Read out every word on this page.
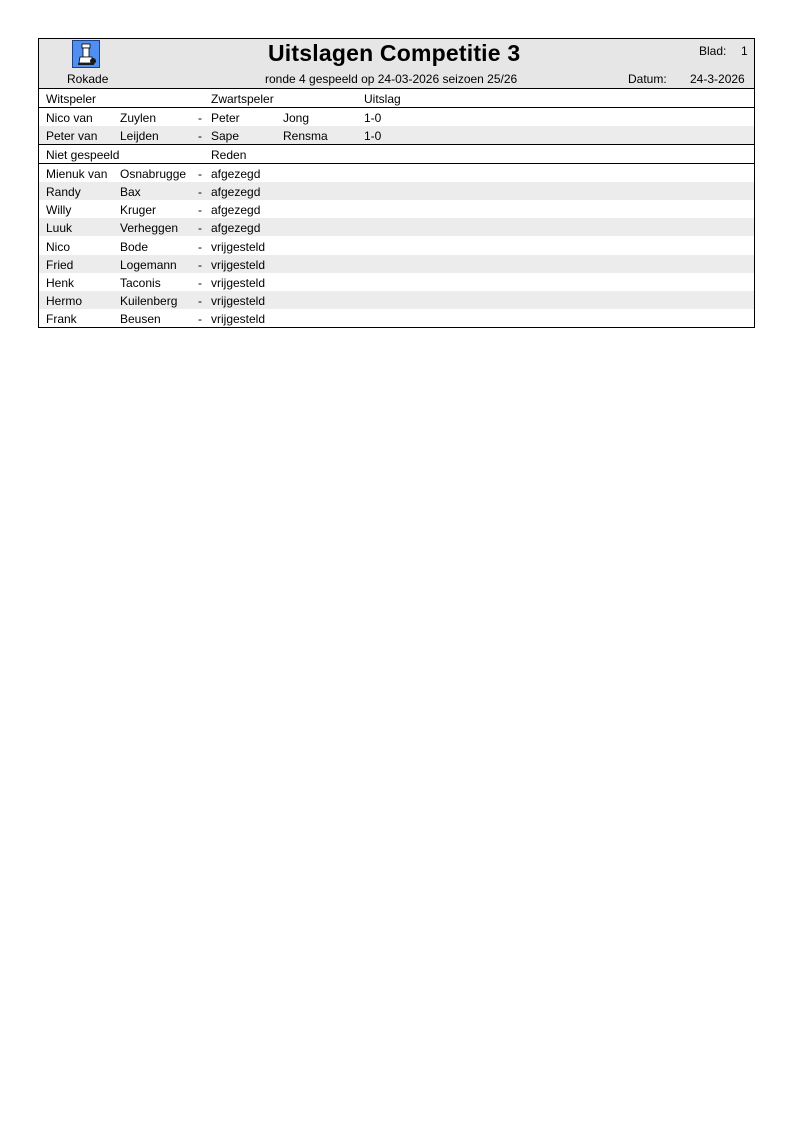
Rokade
Uitslagen Competitie 3
ronde 4 gespeeld op 24-03-2026 seizoen 25/26
Blad: 1
Datum: 24-3-2026
Witspeler	Zwartspeler	Uitslag
Nico van Zuylen	- Peter	Jong	1-0
Peter van Leijden	- Sape	Rensma	1-0
Niet gespeeld	Reden
Mienuk van Osnabrugge - afgezegd
Randy	Bax	- afgezegd
Willy	Kruger	- afgezegd
Luuk	Verheggen - afgezegd
Nico	Bode	- vrijgesteld
Fried	Logemann - vrijgesteld
Henk	Taconis	- vrijgesteld
Hermo	Kuilenberg - vrijgesteld
Frank	Beusen	- vrijgesteld
